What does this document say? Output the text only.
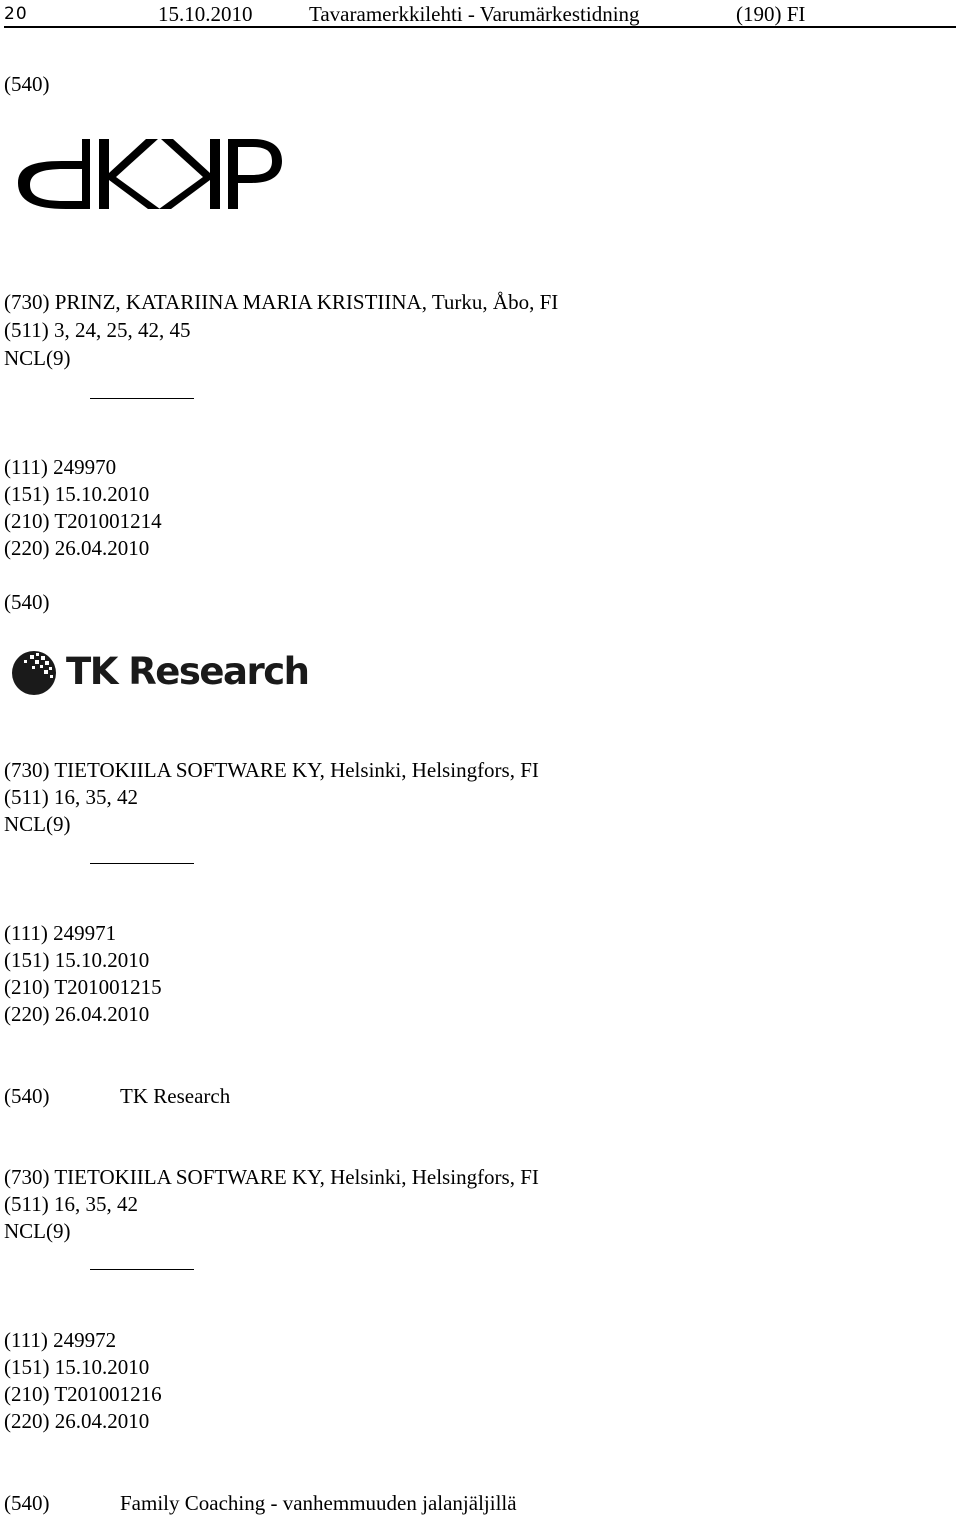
20	15.10.2010	Tavaramerkkilehti - Varumärkestidning	(190) FI
(540)
(730) PRINZ, KATARIINA MARIA KRISTIINA, Turku, Åbo, FI
(511) 3, 24, 25, 42, 45
NCL(9)
(111) 249970
(151) 15.10.2010
(210) T201001214
(220) 26.04.2010
(540)
TK Research
(730) TIETOKIILA SOFTWARE KY, Helsinki, Helsingfors, FI
(511) 16, 35, 42
NCL(9)
(111) 249971
(151) 15.10.2010
(210) T201001215
(220) 26.04.2010
(540)	TK Research
(730) TIETOKIILA SOFTWARE KY, Helsinki, Helsingfors, FI
(511) 16, 35, 42
NCL(9)
(111) 249972
(151) 15.10.2010
(210) T201001216
(220) 26.04.2010
(540)	Family Coaching - vanhemmuuden jalanjäljillä
